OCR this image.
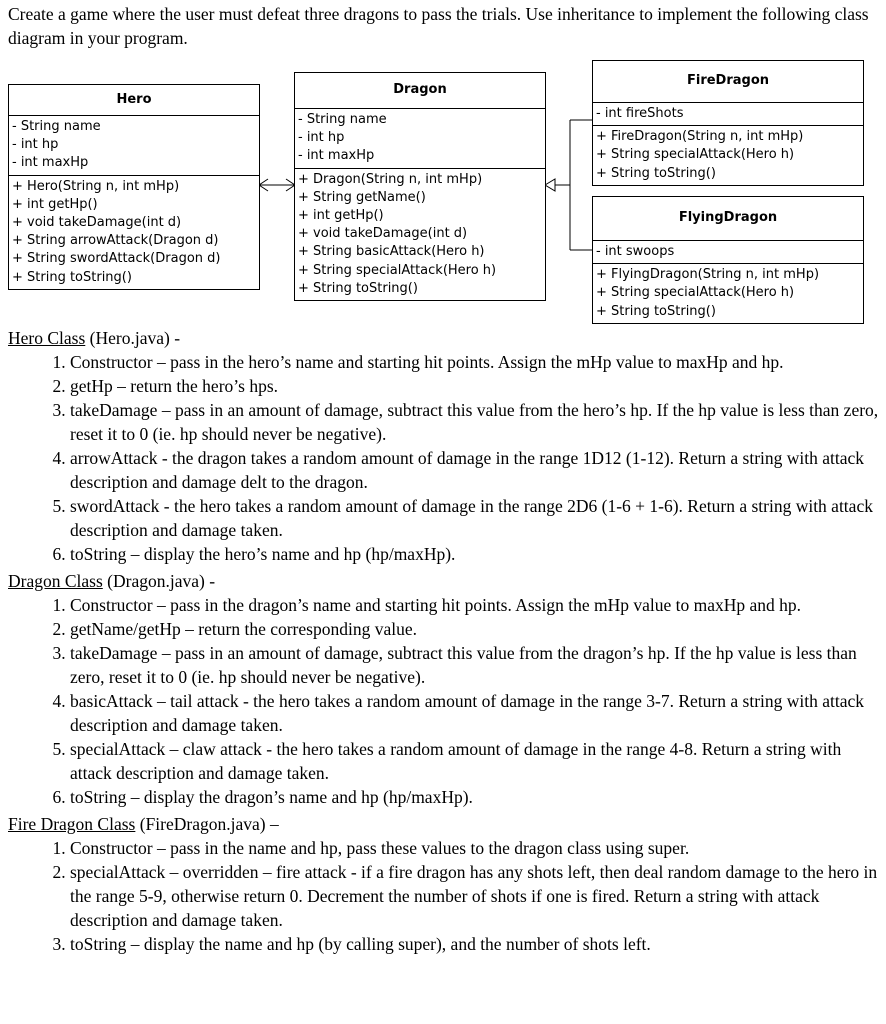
Create a game where the user must defeat three dragons to pass the trials. Use inheritance to implement the following class diagram in your program.
Hero
- String name
- int hp
- int maxHp
+ Hero(String n, int mHp)
+ int getHp()
+ void takeDamage(int d)
+ String arrowAttack(Dragon d)
+ String swordAttack(Dragon d)
+ String toString()
Dragon
- String name
- int hp
- int maxHp
+ Dragon(String n, int mHp)
+ String getName()
+ int getHp()
+ void takeDamage(int d)
+ String basicAttack(Hero h)
+ String specialAttack(Hero h)
+ String toString()
FireDragon
- int fireShots
+ FireDragon(String n, int mHp)
+ String specialAttack(Hero h)
+ String toString()
FlyingDragon
- int swoops
+ FlyingDragon(String n, int mHp)
+ String specialAttack(Hero h)
+ String toString()

Hero Class (Hero.java) -

1. Constructor – pass in the hero’s name and starting hit points. Assign the mHp value to maxHp and hp.
2. getHp – return the hero’s hps.
3. takeDamage – pass in an amount of damage, subtract this value from the hero’s hp. If the hp value is less than zero, reset it to 0 (ie. hp should never be negative).
4. arrowAttack - the dragon takes a random amount of damage in the range 1D12 (1-12). Return a string with attack description and damage delt to the dragon.
5. swordAttack - the hero takes a random amount of damage in the range 2D6 (1-6 + 1-6). Return a string with attack description and damage taken.
6. toString – display the hero’s name and hp (hp/maxHp).

Dragon Class (Dragon.java) -

1. Constructor – pass in the dragon’s name and starting hit points. Assign the mHp value to maxHp and hp.
2. getName/getHp – return the corresponding value.
3. takeDamage – pass in an amount of damage, subtract this value from the dragon’s hp. If the hp value is less than zero, reset it to 0 (ie. hp should never be negative).
4. basicAttack – tail attack - the hero takes a random amount of damage in the range 3-7. Return a string with attack description and damage taken.
5. specialAttack – claw attack - the hero takes a random amount of damage in the range 4-8. Return a string with attack description and damage taken.
6. toString – display the dragon’s name and hp (hp/maxHp).

Fire Dragon Class (FireDragon.java) –

1. Constructor – pass in the name and hp, pass these values to the dragon class using super.
2. specialAttack – overridden – fire attack - if a fire dragon has any shots left, then deal random damage to the hero in the range 5-9, otherwise return 0. Decrement the number of shots if one is fired. Return a string with attack description and damage taken.
3. toString – display the name and hp (by calling super), and the number of shots left.
